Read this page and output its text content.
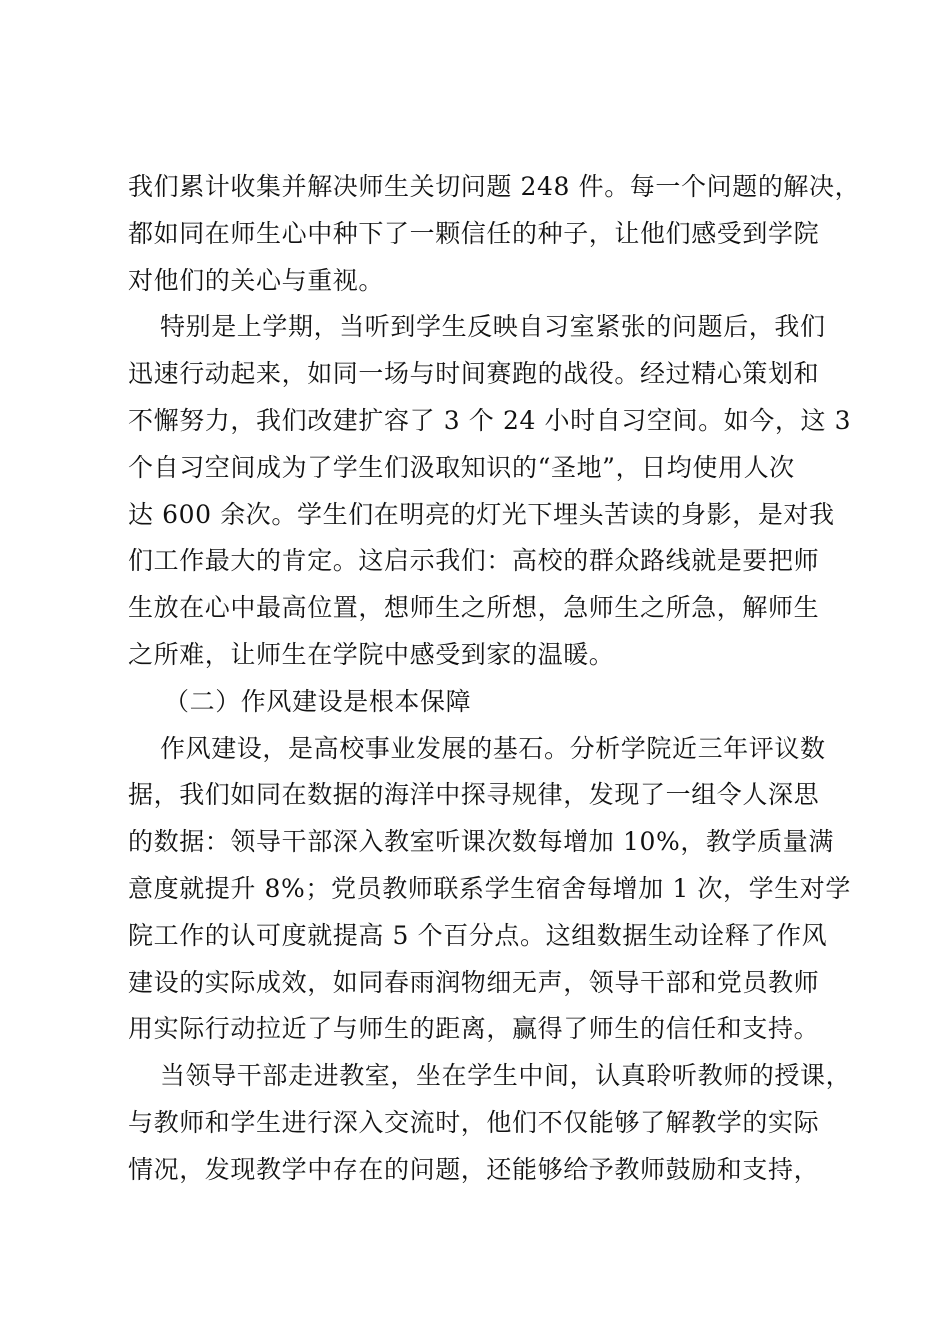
我们累计收集并解决师生关切问题 248 件。每一个问题的解决，
都如同在师生心中种下了一颗信任的种子，让他们感受到学院
对他们的关心与重视。
特别是上学期，当听到学生反映自习室紧张的问题后，我们
迅速行动起来，如同一场与时间赛跑的战役。经过精心策划和
不懈努力，我们改建扩容了 3 个 24 小时自习空间。如今，这 3
个自习空间成为了学生们汲取知识的“圣地”，日均使用人次
达 600 余次。学生们在明亮的灯光下埋头苦读的身影，是对我
们工作最大的肯定。这启示我们：高校的群众路线就是要把师
生放在心中最高位置，想师生之所想，急师生之所急，解师生
之所难，让师生在学院中感受到家的温暖。
（二）作风建设是根本保障
作风建设，是高校事业发展的基石。分析学院近三年评议数
据，我们如同在数据的海洋中探寻规律，发现了一组令人深思
的数据：领导干部深入教室听课次数每增加 10%，教学质量满
意度就提升 8%；党员教师联系学生宿舍每增加 1 次，学生对学
院工作的认可度就提高 5 个百分点。这组数据生动诠释了作风
建设的实际成效，如同春雨润物细无声，领导干部和党员教师
用实际行动拉近了与师生的距离，赢得了师生的信任和支持。
当领导干部走进教室，坐在学生中间，认真聆听教师的授课，
与教师和学生进行深入交流时，他们不仅能够了解教学的实际
情况，发现教学中存在的问题，还能够给予教师鼓励和支持，
